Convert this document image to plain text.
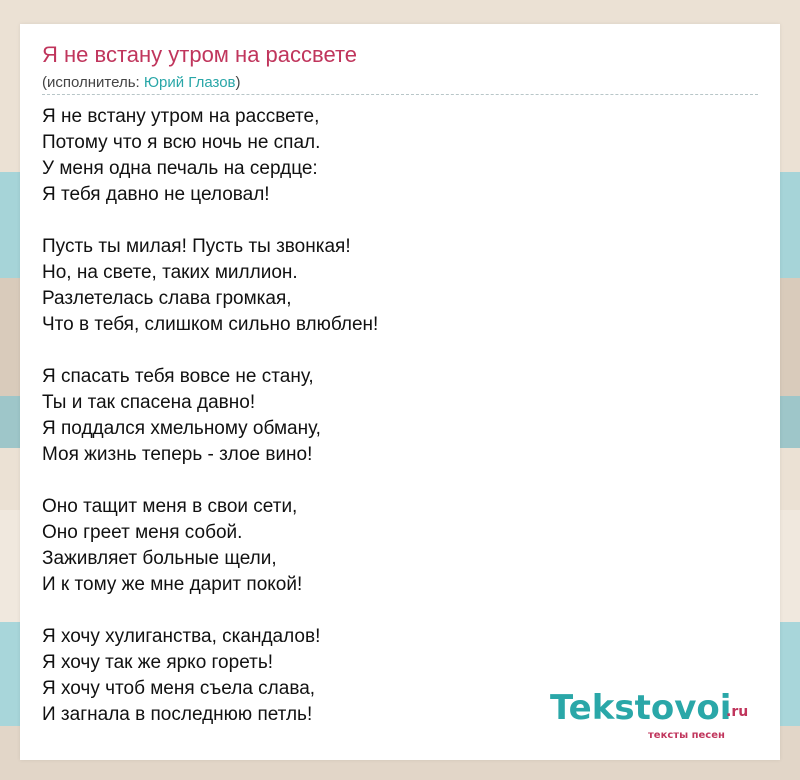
Я не встану утром на рассвете
(исполнитель: Юрий Глазов)
Я не встану утром на рассвете,
Потому что я всю ночь не спал.
У меня одна печаль на сердце:
Я тебя давно не целовал!
Пусть ты милая! Пусть ты звонкая!
Но, на свете, таких миллион.
Разлетелась слава громкая,
Что в тебя, слишком сильно влюблен!
Я спасать тебя вовсе не стану,
Ты и так спасена давно!
Я поддался хмельному обману,
Моя жизнь теперь - злое вино!
Оно тащит меня в свои сети,
Оно греет меня собой.
Заживляет больные щели,
И к тому же мне дарит покой!
Я хочу хулиганства, скандалов!
Я хочу так же ярко гореть!
Я хочу чтоб меня съела слава,
И загнала в последнюю петль!	Tekstovoi
.ru
тексты песен
